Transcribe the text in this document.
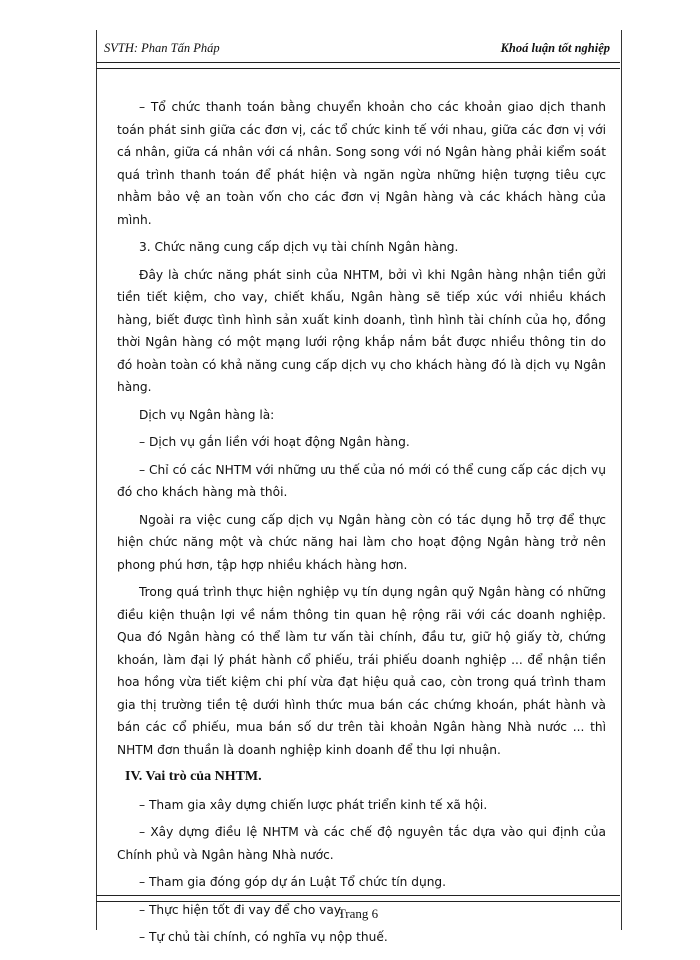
SVTH: Phan Tấn Pháp	Khoá luận tốt nghiệp

– Tổ chức thanh toán bằng chuyển khoản cho các khoản giao dịch thanh toán phát sinh giữa các đơn vị, các tổ chức kinh tế với nhau, giữa các đơn vị với cá nhân, giữa cá nhân với cá nhân. Song song với nó Ngân hàng phải kiểm soát quá trình thanh toán để phát hiện và ngăn ngừa những hiện tượng tiêu cực nhằm bảo vệ an toàn vốn cho các đơn vị Ngân hàng và các khách hàng của mình.

3. Chức năng cung cấp dịch vụ tài chính Ngân hàng.

Đây là chức năng phát sinh của NHTM, bởi vì khi Ngân hàng nhận tiền gửi tiền tiết kiệm, cho vay, chiết khấu, Ngân hàng sẽ tiếp xúc với nhiều khách hàng, biết được tình hình sản xuất kinh doanh, tình hình tài chính của họ, đồng thời Ngân hàng có một mạng lưới rộng khắp nắm bắt được nhiều thông tin do đó hoàn toàn có khả năng cung cấp dịch vụ cho khách hàng đó là dịch vụ Ngân hàng.

Dịch vụ Ngân hàng là:

– Dịch vụ gắn liền với hoạt động Ngân hàng.

– Chỉ có các NHTM với những ưu thế của nó mới có thể cung cấp các dịch vụ đó cho khách hàng mà thôi.

Ngoài ra việc cung cấp dịch vụ Ngân hàng còn có tác dụng hỗ trợ để thực hiện chức năng một và chức năng hai làm cho hoạt động Ngân hàng trở nên phong phú hơn, tập hợp nhiều khách hàng hơn.

Trong quá trình thực hiện nghiệp vụ tín dụng ngân quỹ Ngân hàng có những điều kiện thuận lợi về nắm thông tin quan hệ rộng rãi với các doanh nghiệp. Qua đó Ngân hàng có thể làm tư vấn tài chính, đầu tư, giữ hộ giấy tờ, chứng khoán, làm đại lý phát hành cổ phiếu, trái phiếu doanh nghiệp ... để nhận tiền hoa hồng vừa tiết kiệm chi phí vừa đạt hiệu quả cao, còn trong quá trình tham gia thị trường tiền tệ dưới hình thức mua bán các chứng khoán, phát hành và bán các cổ phiếu, mua bán số dư trên tài khoản Ngân hàng Nhà nước ... thì NHTM đơn thuần là doanh nghiệp kinh doanh để thu lợi nhuận.

IV. Vai trò của NHTM.

– Tham gia xây dựng chiến lược phát triển kinh tế xã hội.

– Xây dựng điều lệ NHTM và các chế độ nguyên tắc dựa vào qui định của Chính phủ và Ngân hàng Nhà nước.

– Tham gia đóng góp dự án Luật Tổ chức tín dụng.

– Thực hiện tốt đi vay để cho vay.

– Tự chủ tài chính, có nghĩa vụ nộp thuế.

Trang 6
